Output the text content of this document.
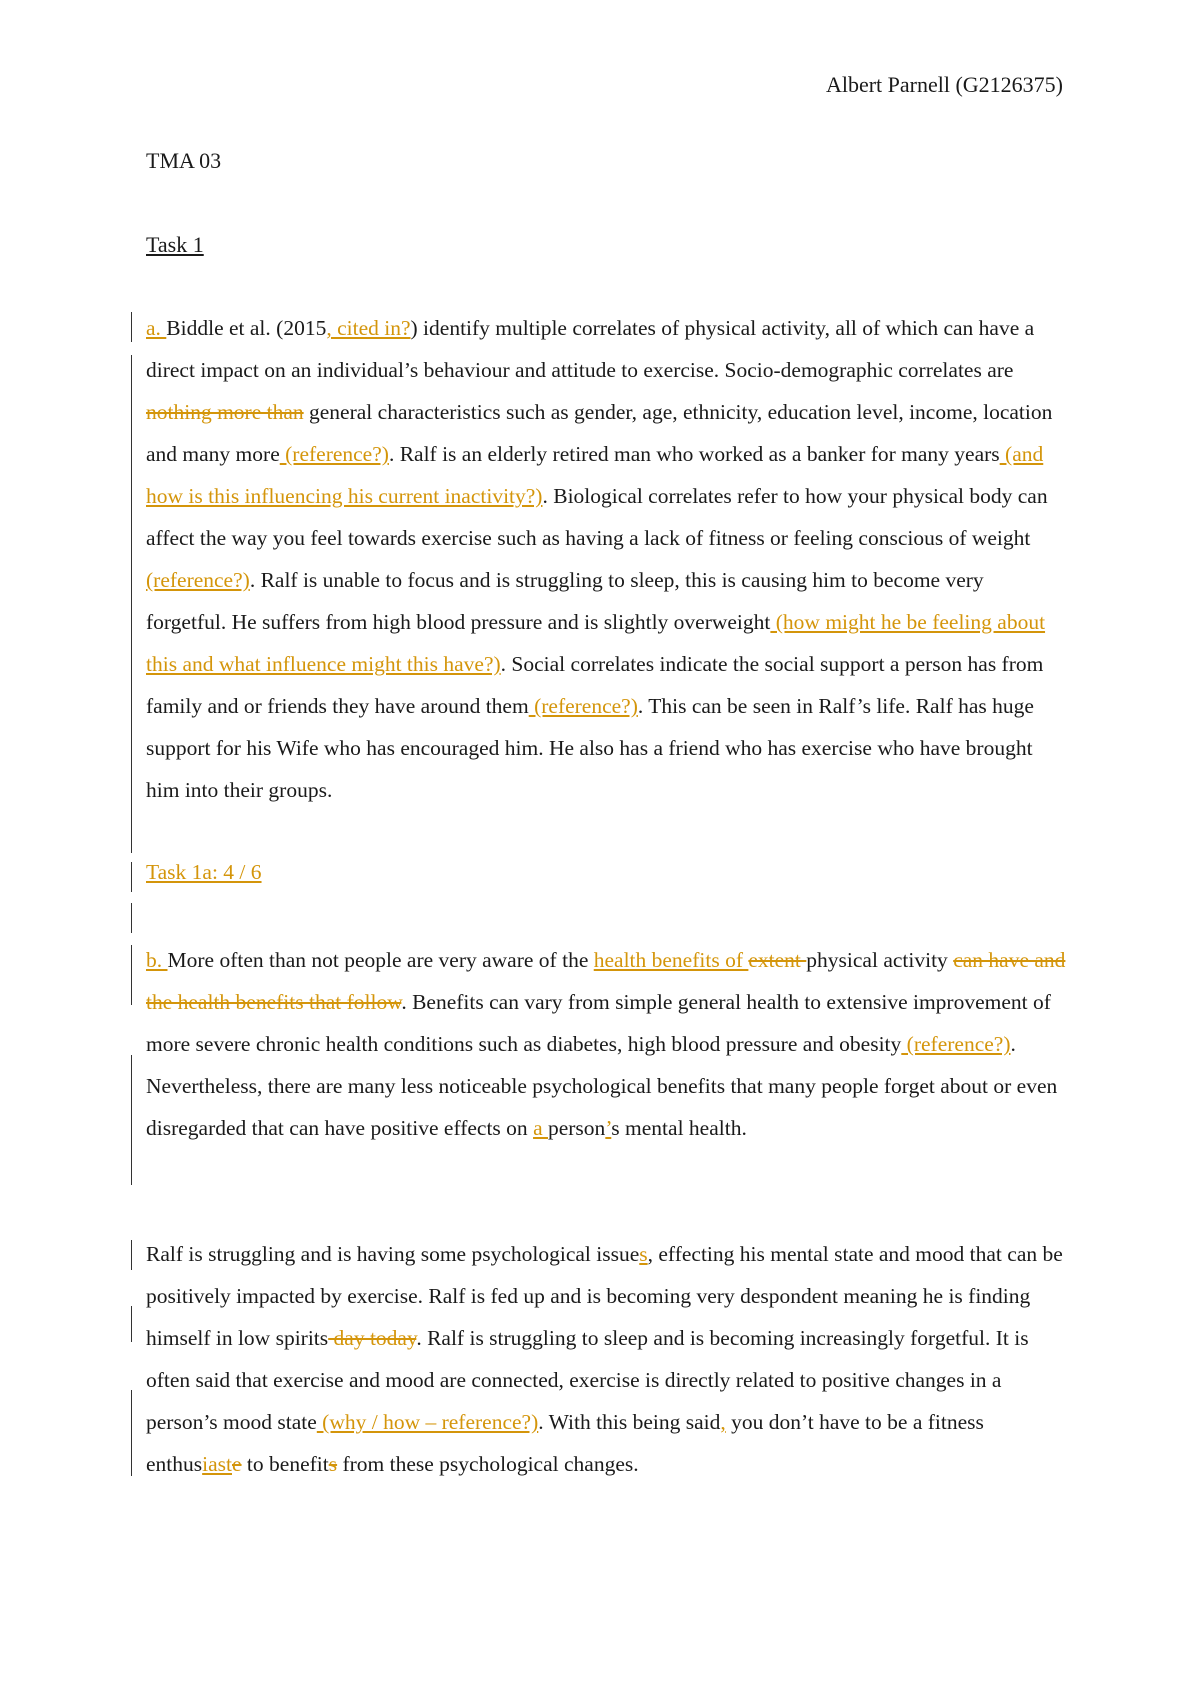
Albert Parnell (G2126375)
TMA 03
Task 1
a. Biddle et al. (2015, cited in?) identify multiple correlates of physical activity, all of which can have a direct impact on an individual’s behaviour and attitude to exercise. Socio-demographic correlates are nothing more than general characteristics such as gender, age, ethnicity, education level, income, location and many more (reference?). Ralf is an elderly retired man who worked as a banker for many years (and how is this influencing his current inactivity?). Biological correlates refer to how your physical body can affect the way you feel towards exercise such as having a lack of fitness or feeling conscious of weight (reference?). Ralf is unable to focus and is struggling to sleep, this is causing him to become very forgetful. He suffers from high blood pressure and is slightly overweight (how might he be feeling about this and what influence might this have?). Social correlates indicate the social support a person has from family and or friends they have around them (reference?). This can be seen in Ralf’s life. Ralf has huge support for his Wife who has encouraged him. He also has a friend who has exercise who have brought him into their groups.
Task 1a: 4 / 6
b. More often than not people are very aware of the health benefits of extent physical activity can have and the health benefits that follow. Benefits can vary from simple general health to extensive improvement of more severe chronic health conditions such as diabetes, high blood pressure and obesity (reference?). Nevertheless, there are many less noticeable psychological benefits that many people forget about or even disregarded that can have positive effects on a person’s mental health.
Ralf is struggling and is having some psychological issues, effecting his mental state and mood that can be positively impacted by exercise. Ralf is fed up and is becoming very despondent meaning he is finding himself in low spirits day today. Ralf is struggling to sleep and is becoming increasingly forgetful. It is often said that exercise and mood are connected, exercise is directly related to positive changes in a person’s mood state (why / how – reference?). With this being said, you don’t have to be a fitness enthusiaste to benefits from these psychological changes.
